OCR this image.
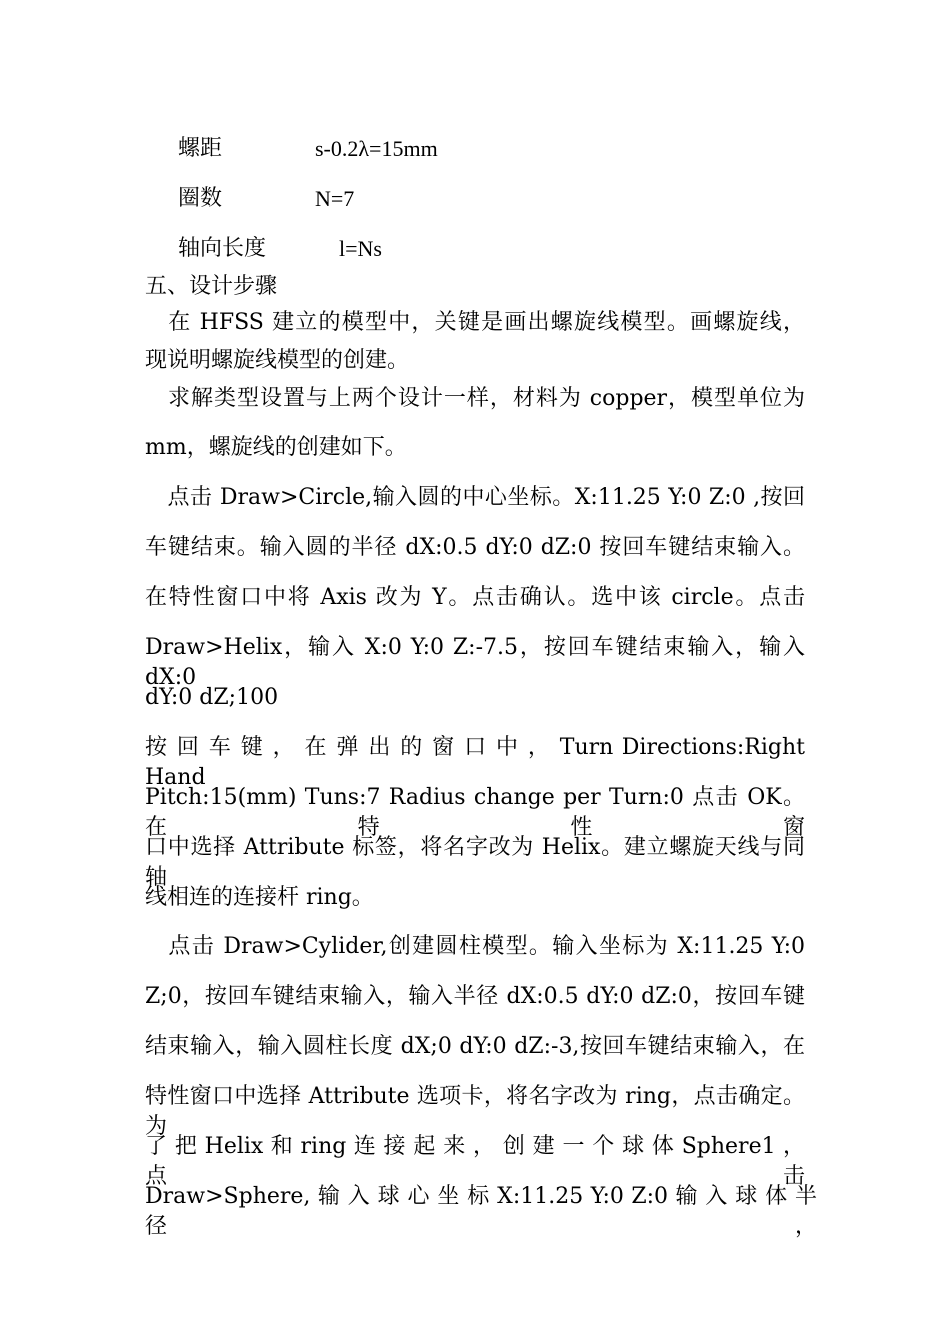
螺距	s-0.2λ=15mm
圈数	N=7
轴向长度	l=Ns
五、设计步骤
　在 HFSS 建立的模型中，关键是画出螺旋线模型。画螺旋线，
现说明螺旋线模型的创建。
　求解类型设置与上两个设计一样，材料为 copper，模型单位为
mm，螺旋线的创建如下。
　点击 Draw>Circle,输入圆的中心坐标。X:11.25 Y:0 Z:0 ,按回
车键结束。输入圆的半径 dX:0.5 dY:0 dZ:0 按回车键结束输入。
在特性窗口中将 Axis 改为 Y。点击确认。选中该 circle。点击
Draw>Helix，输入 X:0 Y:0 Z:-7.5，按回车键结束输入，输入 dX:0
dY:0 dZ;100
按 回 车 键 ， 在 弹 出 的 窗 口 中 ， Turn Directions:Right Hand
Pitch:15(mm) Tuns:7 Radius change per Turn:0 点击 OK。在特性窗
口中选择 Attribute 标签，将名字改为 Helix。建立螺旋天线与同轴
线相连的连接杆 ring。
　点击 Draw>Cylider,创建圆柱模型。输入坐标为 X:11.25 Y:0
Z;0，按回车键结束输入，输入半径 dX:0.5 dY:0 dZ:0，按回车键
结束输入，输入圆柱长度 dX;0 dY:0 dZ:-3,按回车键结束输入，在
特性窗口中选择 Attribute 选项卡，将名字改为 ring，点击确定。为
了 把 Helix 和 ring 连 接 起 来 ， 创 建 一 个 球 体 Sphere1 ， 点 击
Draw>Sphere, 输 入 球 心 坐 标 X:11.25 Y:0 Z:0 输 入 球 体 半 径 ，
